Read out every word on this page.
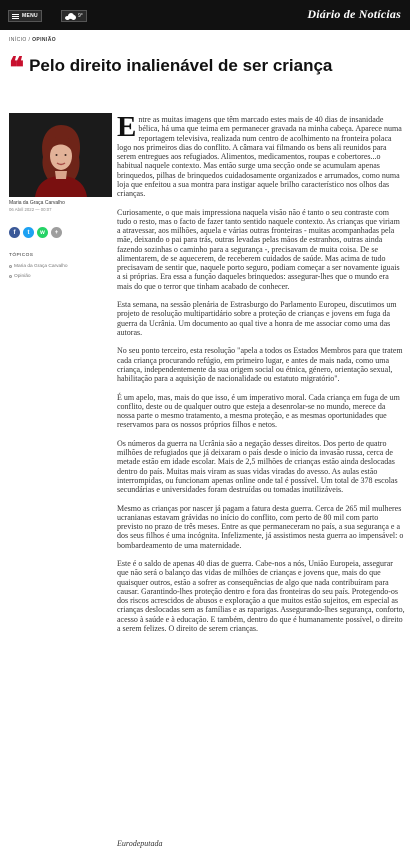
MENU	9°	Diário de Notícias
INÍCIO / OPINIÃO
❝ Pelo direito inalienável de ser criança
Maria da Graça Carvalho
06 Abril 2022 — 00:07
f	t	w	+
TÓPICOS
Maria da Graça Carvalho
Opinião

Entre as muitas imagens que têm marcado estes mais de 40 dias de insanidade bélica, há uma que teima em permanecer gravada na minha cabeça. Aparece numa reportagem televisiva, realizada num centro de acolhimento na fronteira polaca logo nos primeiros dias do conflito. A câmara vai filmando os bens ali reunidos para serem entregues aos refugiados. Alimentos, medicamentos, roupas e cobertores...o habitual naquele contexto. Mas então surge uma secção onde se acumulam apenas brinquedos, pilhas de brinquedos cuidadosamente organizados e arrumados, como numa loja que enfeitou a sua montra para instigar aquele brilho característico nos olhos das crianças.

Curiosamente, o que mais impressiona naquela visão não é tanto o seu contraste com tudo o resto, mas o facto de fazer tanto sentido naquele contexto. As crianças que viriam a atravessar, aos milhões, aquela e várias outras fronteiras - muitas acompanhadas pela mãe, deixando o pai para trás, outras levadas pelas mãos de estranhos, outras ainda fazendo sozinhas o caminho para a segurança -, precisavam de muita coisa. De se alimentarem, de se aquecerem, de receberem cuidados de saúde. Mas acima de tudo precisavam de sentir que, naquele porto seguro, podiam começar a ser novamente iguais a si próprias. Era essa a função daqueles brinquedos: assegurar-lhes que o mundo era mais do que o terror que tinham acabado de conhecer.

Esta semana, na sessão plenária de Estrasburgo do Parlamento Europeu, discutimos um projeto de resolução multipartidário sobre a proteção de crianças e jovens em fuga da guerra da Ucrânia. Um documento ao qual tive a honra de me associar como uma das autoras.

No seu ponto terceiro, esta resolução "apela a todos os Estados Membros para que tratem cada criança procurando refúgio, em primeiro lugar, e antes de mais nada, como uma criança, independentemente da sua origem social ou étnica, género, orientação sexual, habilitação para a aquisição de nacionalidade ou estatuto migratório".

É um apelo, mas, mais do que isso, é um imperativo moral. Cada criança em fuga de um conflito, deste ou de qualquer outro que esteja a desenrolar-se no mundo, merece da nossa parte o mesmo tratamento, a mesma proteção, e as mesmas oportunidades que reservamos para os nossos próprios filhos e netos.

Os números da guerra na Ucrânia são a negação desses direitos. Dos perto de quatro milhões de refugiados que já deixaram o país desde o início da invasão russa, cerca de metade estão em idade escolar. Mais de 2,5 milhões de crianças estão ainda deslocadas dentro do país. Muitas mais viram as suas vidas viradas do avesso. As aulas estão interrompidas, ou funcionam apenas online onde tal é possível. Um total de 378 escolas secundárias e universidades foram destruídas ou tomadas inutilizáveis.

Mesmo as crianças por nascer já pagam a fatura desta guerra. Cerca de 265 mil mulheres ucranianas estavam grávidas no início do conflito, com perto de 80 mil com parto previsto no prazo de três meses. Entre as que permaneceram no país, a sua segurança e a dos seus filhos é uma incógnita. Infelizmente, já assistimos nesta guerra ao impensável: o bombardeamento de uma maternidade.

Este é o saldo de apenas 40 dias de guerra. Cabe-nos a nós, União Europeia, assegurar que não será o balanço das vidas de milhões de crianças e jovens que, mais do que quaisquer outros, estão a sofrer as consequências de algo que nada contribuíram para causar. Garantindo-lhes proteção dentro e fora das fronteiras do seu país. Protegendo-os dos riscos acrescidos de abusos e exploração a que muitos estão sujeitos, em especial as crianças deslocadas sem as famílias e as raparigas. Assegurando-lhes segurança, conforto, acesso à saúde e à educação. E também, dentro do que é humanamente possível, o direito a serem felizes. O direito de serem crianças.

Eurodeputada
